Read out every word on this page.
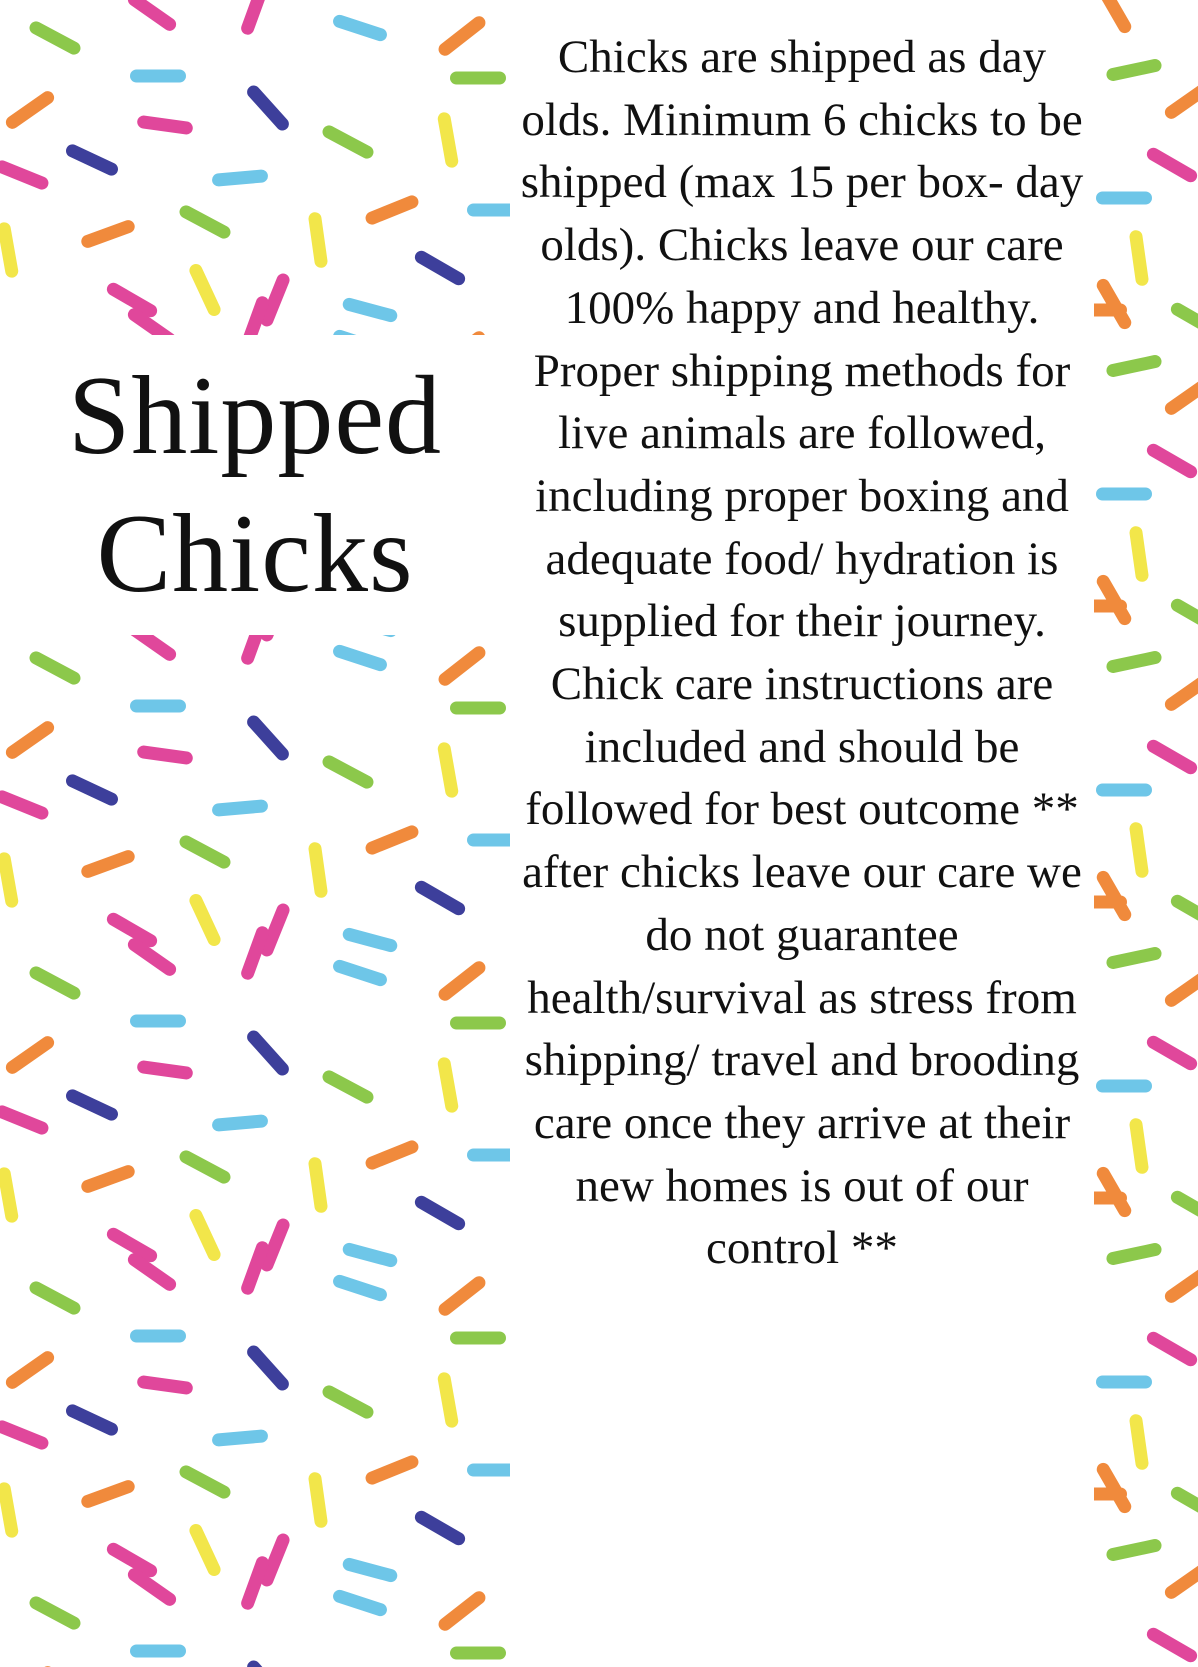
Shipped
Chicks

Chicks are shipped as day olds. Minimum 6 chicks to be shipped (max 15 per box- day olds). Chicks leave our care 100% happy and healthy. Proper shipping methods for live animals are followed, including proper boxing and adequate food/ hydration is supplied for their journey. Chick care instructions are included and should be followed for best outcome ** after chicks leave our care we do not guarantee health/survival as stress from shipping/ travel and brooding care once they arrive at their new homes is out of our control **
